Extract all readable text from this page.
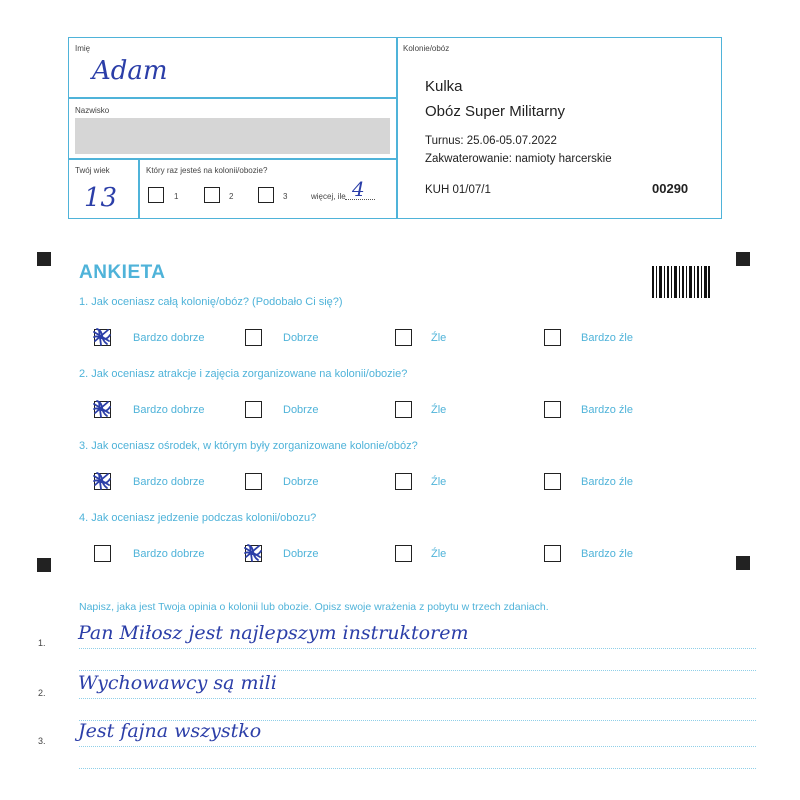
Imię
Adam
Nazwisko
Twój wiek
13
Który raz jesteś na kolonii/obozie?
1	2	3	więcej, ile 4
Kolonie/obóz
Kulka
Obóz Super Militarny
Turnus: 25.06-05.07.2022
Zakwaterowanie: namioty harcerskie
KUH 01/07/1	00290
ANKIETA
1. Jak oceniasz całą kolonię/obóz? (Podobało Ci się?)
Bardzo dobrze	Dobrze	Źle	Bardzo źle
2. Jak oceniasz atrakcje i zajęcia zorganizowane na kolonii/obozie?
Bardzo dobrze	Dobrze	Źle	Bardzo źle
3. Jak oceniasz ośrodek, w którym były zorganizowane kolonie/obóz?
Bardzo dobrze	Dobrze	Źle	Bardzo źle
4. Jak oceniasz jedzenie podczas kolonii/obozu?
Bardzo dobrze	Dobrze	Źle	Bardzo źle
Napisz, jaka jest Twoja opinia o kolonii lub obozie. Opisz swoje wrażenia z pobytu w trzech zdaniach.
1. Pan Miłosz jest najlepszym instruktorem
2. Wychowawcy są mili
3. Jest fajna wszystko
